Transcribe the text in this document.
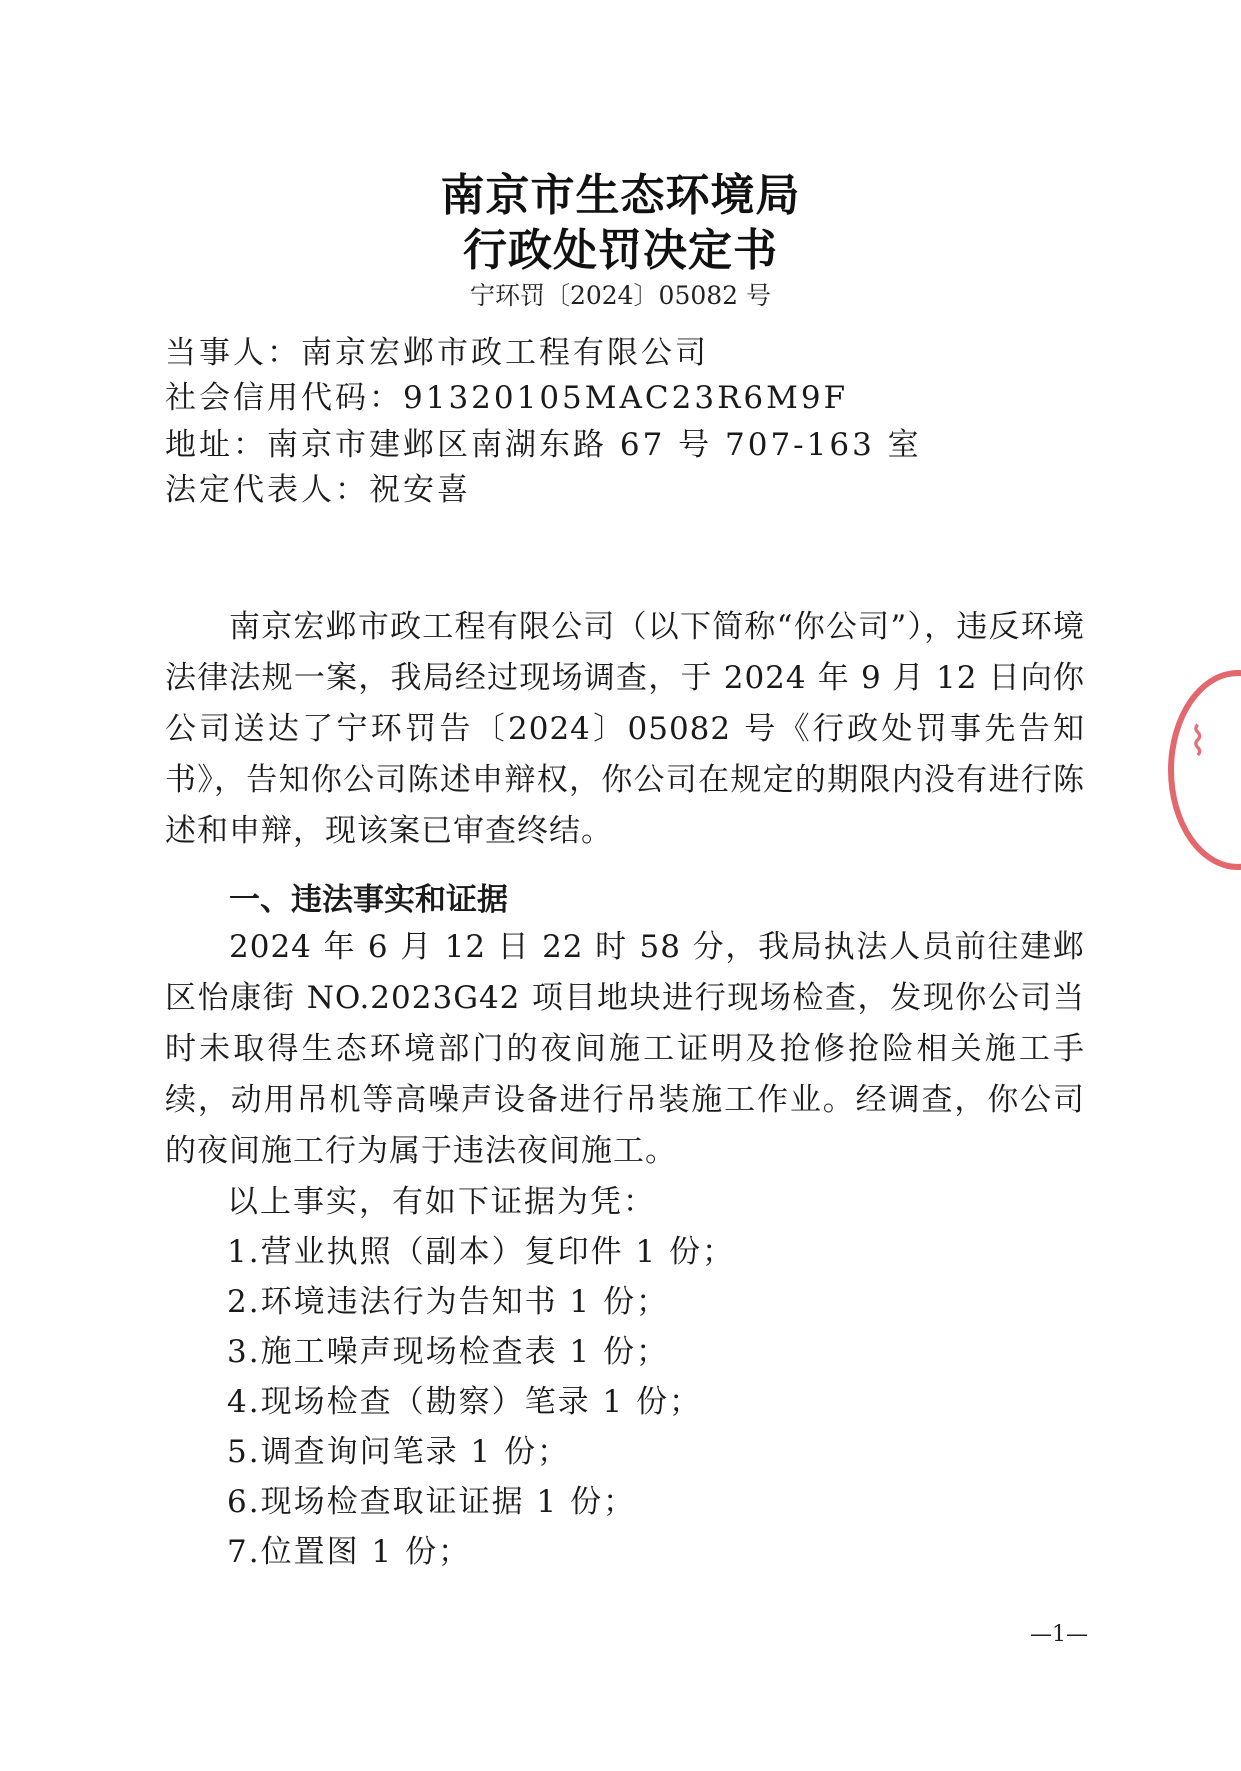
⌇
南京市生态环境局
行政处罚决定书
宁环罚〔2024〕05082 号
当事人：南京宏邺市政工程有限公司
社会信用代码：91320105MAC23R6M9F
地址：南京市建邺区南湖东路 67 号 707-163 室
法定代表人：祝安喜
南京宏邺市政工程有限公司（以下简称“你公司”），违反环境法律法规一案，我局经过现场调查，于 2024 年 9 月 12 日向你公司送达了宁环罚告〔2024〕05082 号《行政处罚事先告知书》，告知你公司陈述申辩权，你公司在规定的期限内没有进行陈述和申辩，现该案已审查终结。
一、违法事实和证据
2024 年 6 月 12 日 22 时 58 分，我局执法人员前往建邺区怡康街 NO.2023G42 项目地块进行现场检查，发现你公司当时未取得生态环境部门的夜间施工证明及抢修抢险相关施工手续，动用吊机等高噪声设备进行吊装施工作业。经调查，你公司的夜间施工行为属于违法夜间施工。
以上事实，有如下证据为凭：
1.营业执照（副本）复印件 1 份；
2.环境违法行为告知书 1 份；
3.施工噪声现场检查表 1 份；
4.现场检查（勘察）笔录 1 份；
5.调查询问笔录 1 份；
6.现场检查取证证据 1 份；
7.位置图 1 份；
—1—
